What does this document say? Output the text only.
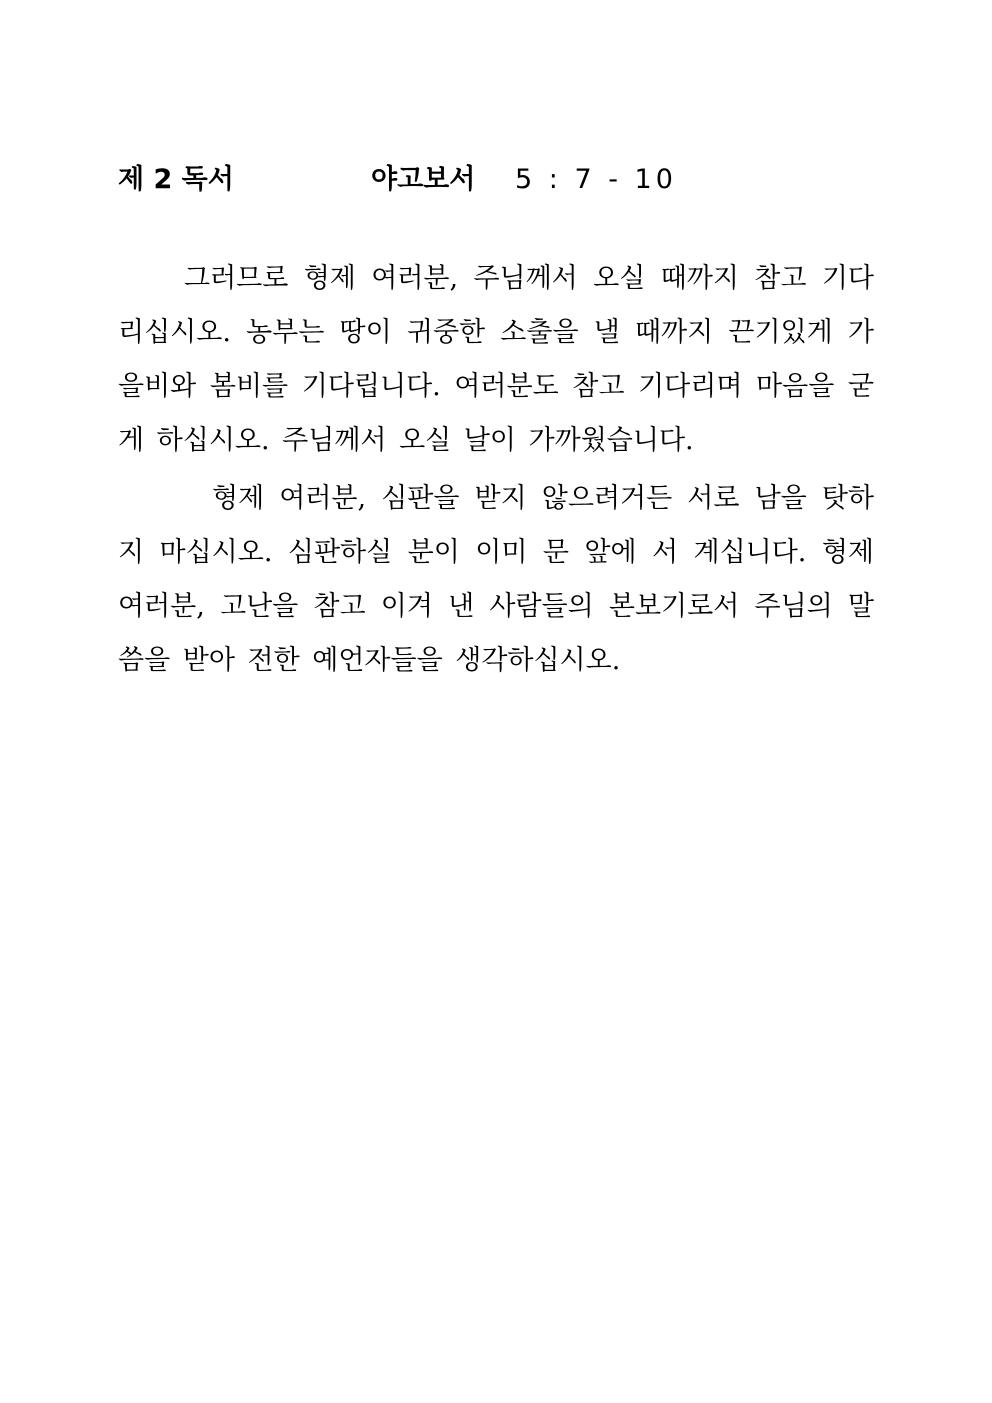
제 2 독서	야고보서 5 : 7 - 10

그러므로 형제 여러분, 주님께서 오실 때까지 참고 기다리십시오. 농부는 땅이 귀중한 소출을 낼 때까지 끈기있게 가을비와 봄비를 기다립니다. 여러분도 참고 기다리며 마음을 굳게 하십시오. 주님께서 오실 날이 가까웠습니다.

형제 여러분, 심판을 받지 않으려거든 서로 남을 탓하지 마십시오. 심판하실 분이 이미 문 앞에 서 계십니다. 형제 여러분, 고난을 참고 이겨 낸 사람들의 본보기로서 주님의 말씀을 받아 전한 예언자들을 생각하십시오.
